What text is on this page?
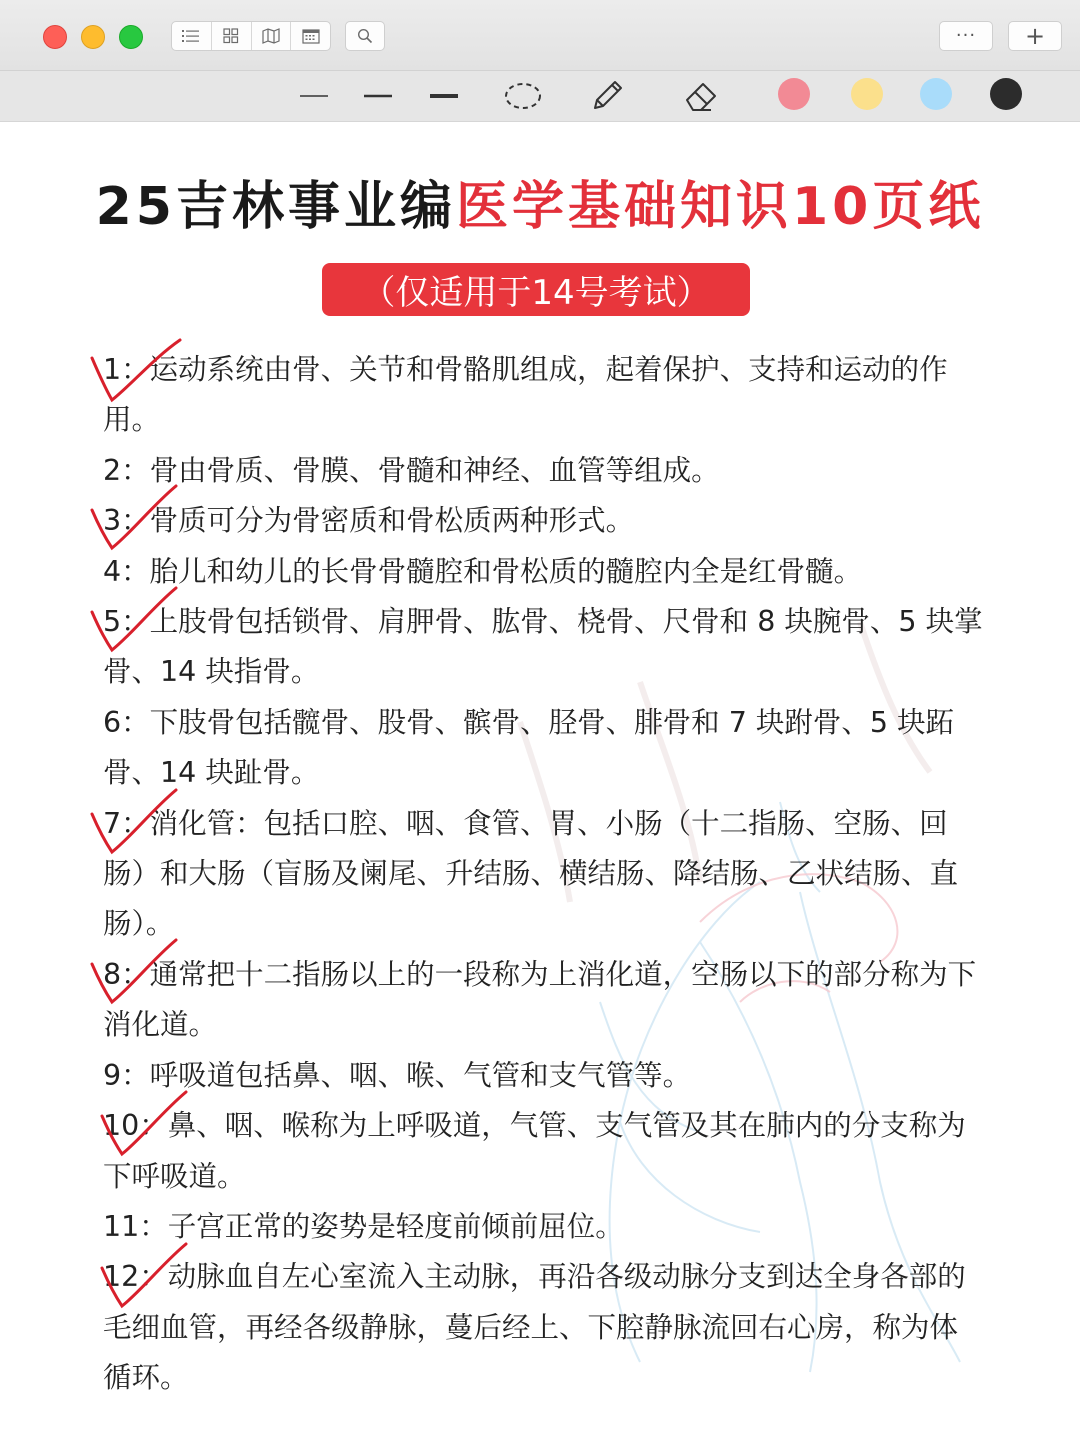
··· +
25吉林事业编医学基础知识10页纸
（仅适用于14号考试）

1：运动系统由骨、关节和骨骼肌组成，起着保护、支持和运动的作用。

2：骨由骨质、骨膜、骨髓和神经、血管等组成。

3：骨质可分为骨密质和骨松质两种形式。

4：胎儿和幼儿的长骨骨髓腔和骨松质的髓腔内全是红骨髓。

5：上肢骨包括锁骨、肩胛骨、肱骨、桡骨、尺骨和 8 块腕骨、5 块掌骨、14 块指骨。

6：下肢骨包括髋骨、股骨、髌骨、胫骨、腓骨和 7 块跗骨、5 块跖骨、14 块趾骨。

7：消化管：包括口腔、咽、食管、胃、小肠（十二指肠、空肠、回肠）和大肠（盲肠及阑尾、升结肠、横结肠、降结肠、乙状结肠、直肠）。

8：通常把十二指肠以上的一段称为上消化道，空肠以下的部分称为下消化道。

9：呼吸道包括鼻、咽、喉、气管和支气管等。

10：鼻、咽、喉称为上呼吸道，气管、支气管及其在肺内的分支称为下呼吸道。

11：子宫正常的姿势是轻度前倾前屈位。

12：动脉血自左心室流入主动脉，再沿各级动脉分支到达全身各部的毛细血管，再经各级静脉，蔓后经上、下腔静脉流回右心房，称为体循环。
